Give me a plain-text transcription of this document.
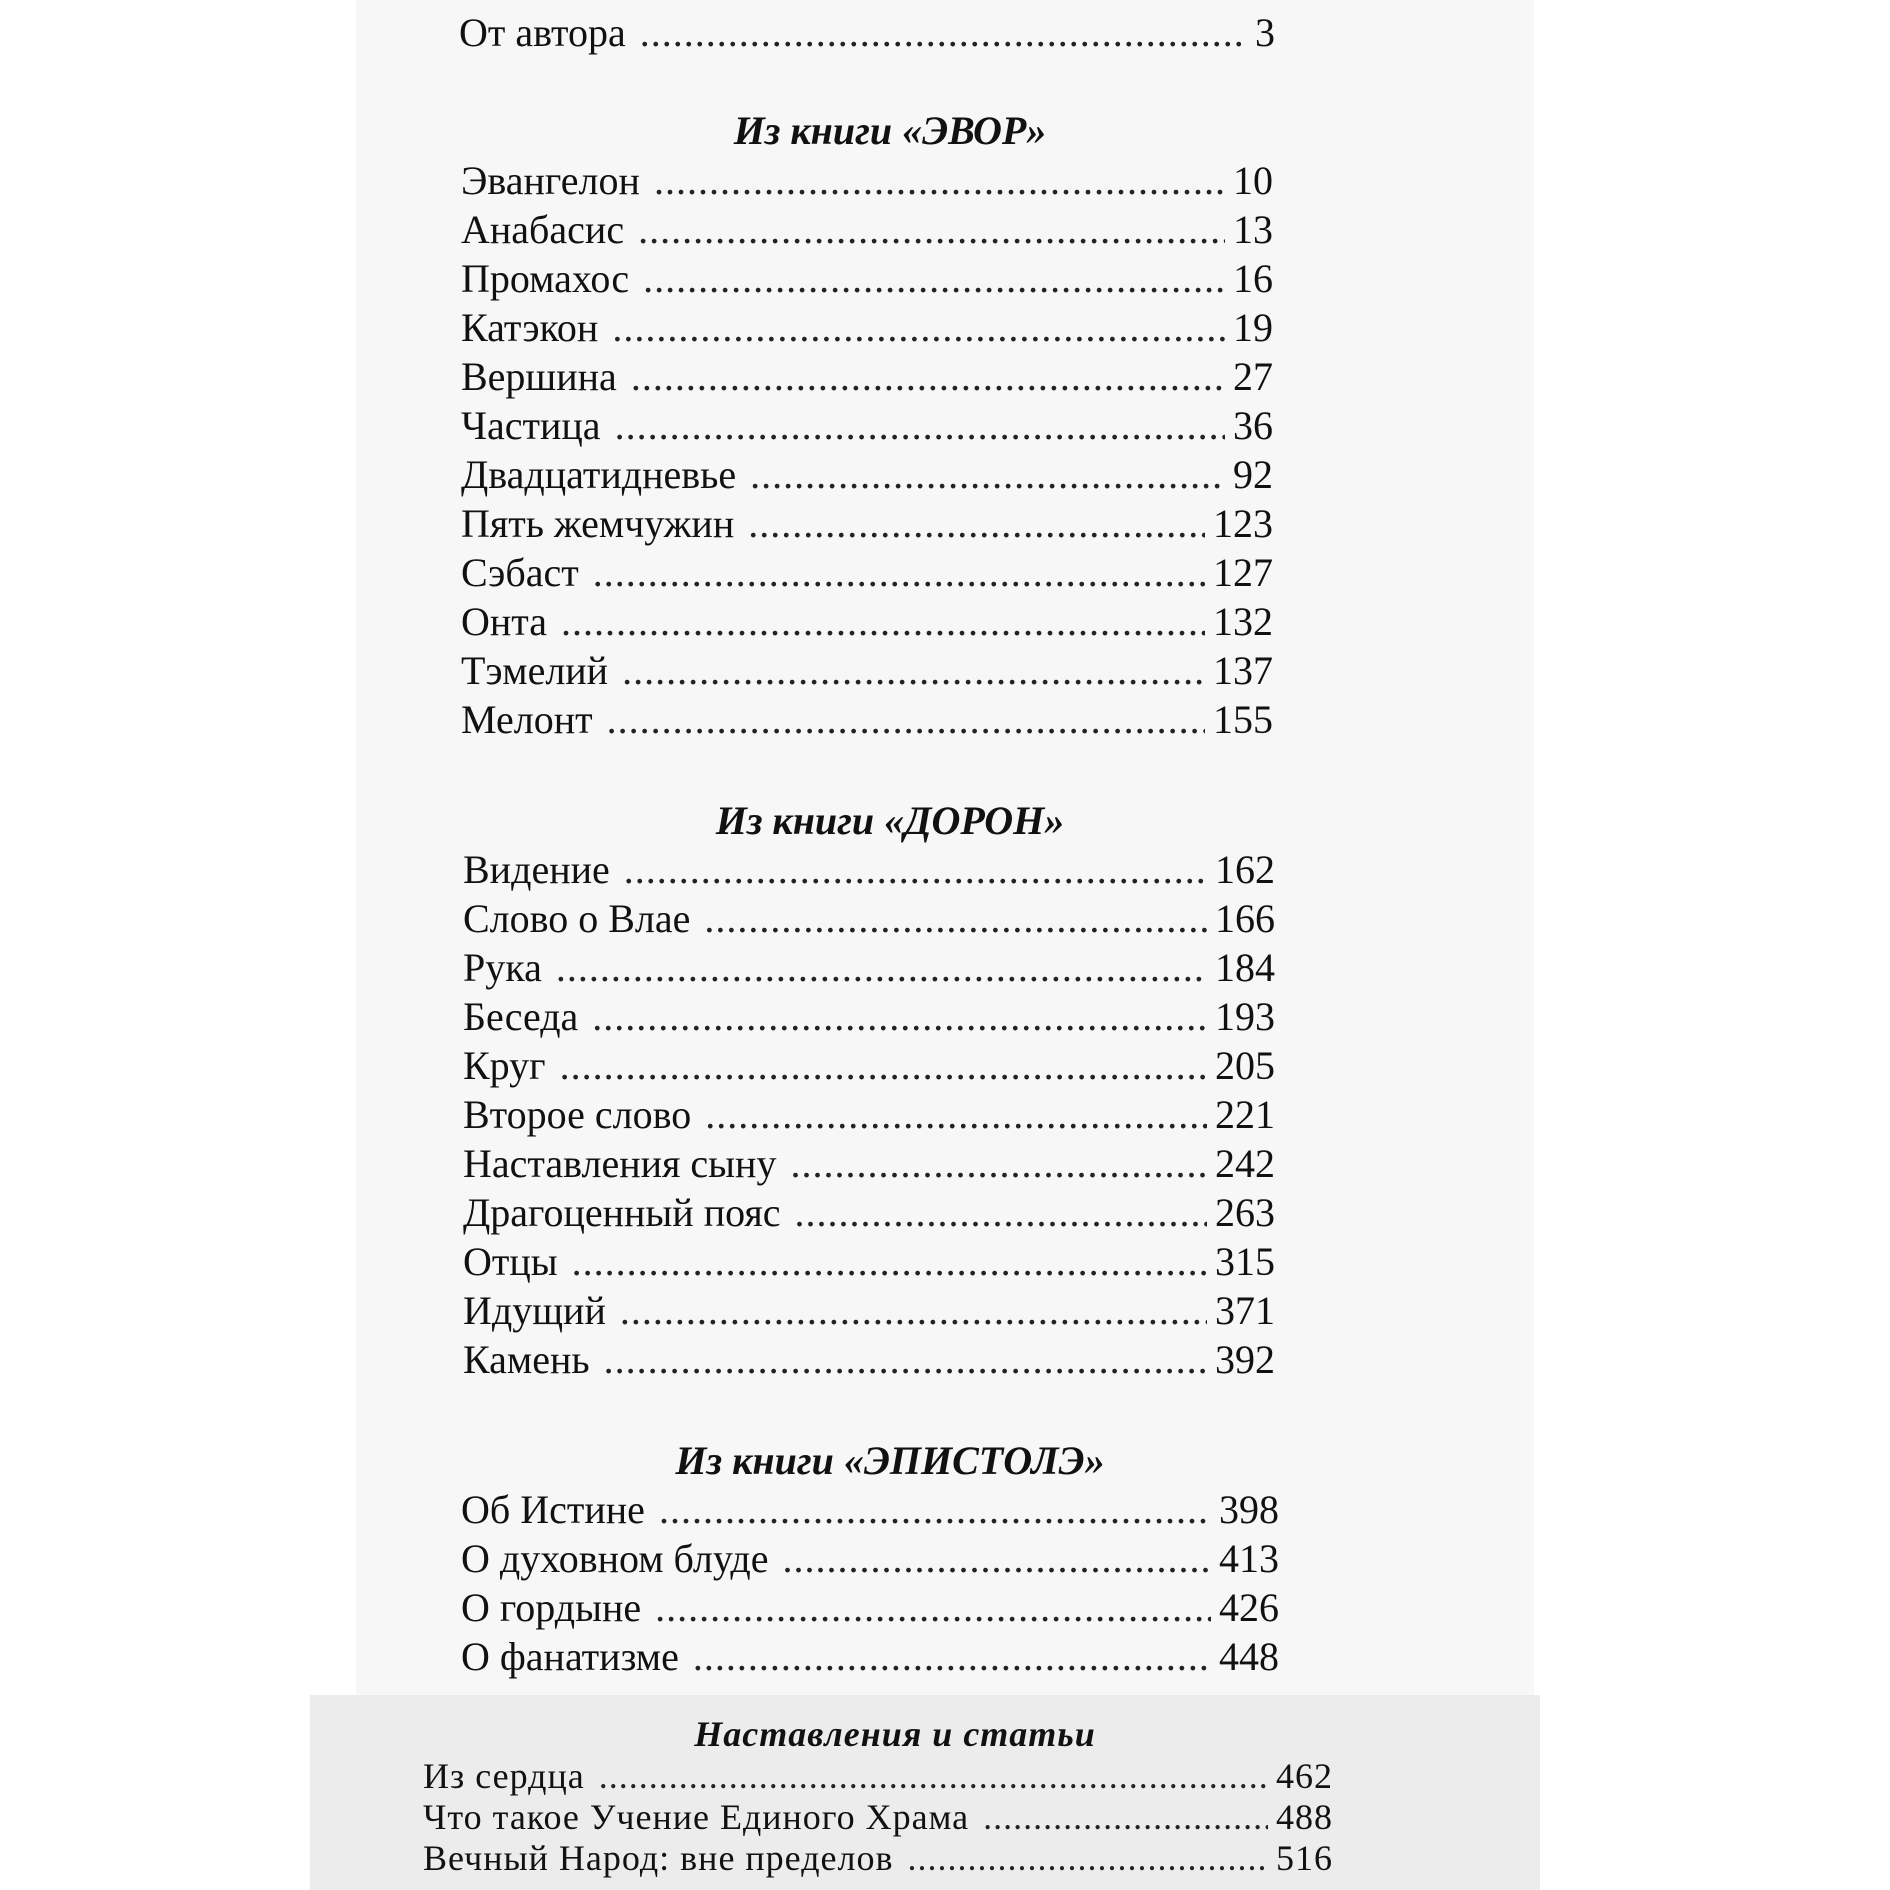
От автора .....	3
Из книги «ЭВОР»
Эвангелон .....	10
Анабасис .....	13
Промахос .....	16
Катэкон .....	19
Вершина .....	27
Частица .....	36
Двадцатидневье .....	92
Пять жемчужин .....	123
Сэбаст .....	127
Онта .....	132
Тэмелий .....	137
Мелонт .....	155
Из книги «ДОРОН»
Видение .....	162
Слово о Влае .....	166
Рука .....	184
Беседа .....	193
Круг .....	205
Второе слово .....	221
Наставления сыну .....	242
Драгоценный пояс .....	263
Отцы .....	315
Идущий .....	371
Камень .....	392
Из книги «ЭПИСТОЛЭ»
Об Истине .....	398
О духовном блуде .....	413
О гордыне .....	426
О фанатизме .....	448
Наставления и статьи
Из сердца .....	462
Что такое Учение Единого Храма .....	488
Вечный Народ: вне пределов .....	516
